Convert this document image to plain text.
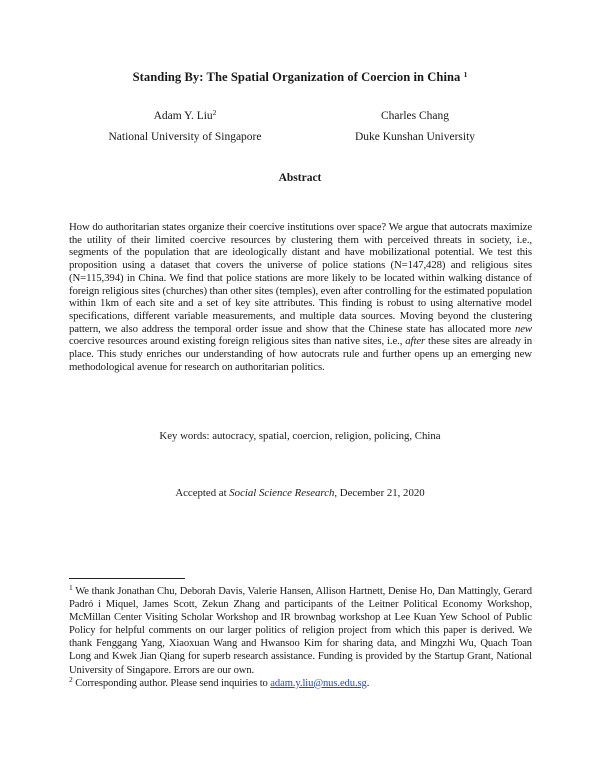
Standing By: The Spatial Organization of Coercion in China $^1$
Adam Y. Liu$^2$	Charles Chang
National University of Singapore	Duke Kunshan University
Abstract
How do authoritarian states organize their coercive institutions over space? We argue that autocrats maximize the utility of their limited coercive resources by clustering them with perceived threats in society, i.e., segments of the population that are ideologically distant and have mobilizational potential. We test this proposition using a dataset that covers the universe of police stations (N=147,428) and religious sites (N=115,394) in China. We find that police stations are more likely to be located within walking distance of foreign religious sites (churches) than other sites (temples), even after controlling for the estimated population within 1km of each site and a set of key site attributes. This finding is robust to using alternative model specifications, different variable measurements, and multiple data sources. Moving beyond the clustering pattern, we also address the temporal order issue and show that the Chinese state has allocated more new coercive resources around existing foreign religious sites than native sites, i.e., after these sites are already in place. This study enriches our understanding of how autocrats rule and further opens up an emerging new methodological avenue for research on authoritarian politics.
Key words: autocracy, spatial, coercion, religion, policing, China
Accepted at Social Science Research, December 21, 2020

$^1$ We thank Jonathan Chu, Deborah Davis, Valerie Hansen, Allison Hartnett, Denise Ho, Dan Mattingly, Gerard Padró i Miquel, James Scott, Zekun Zhang and participants of the Leitner Political Economy Workshop, McMillan Center Visiting Scholar Workshop and IR brownbag workshop at Lee Kuan Yew School of Public Policy for helpful comments on our larger politics of religion project from which this paper is derived. We thank Fenggang Yang, Xiaoxuan Wang and Hwansoo Kim for sharing data, and Mingzhi Wu, Quach Toan Long and Kwek Jian Qiang for superb research assistance. Funding is provided by the Startup Grant, National University of Singapore. Errors are our own.

$^2$ Corresponding author. Please send inquiries to adam.y.liu@nus.edu.sg.
